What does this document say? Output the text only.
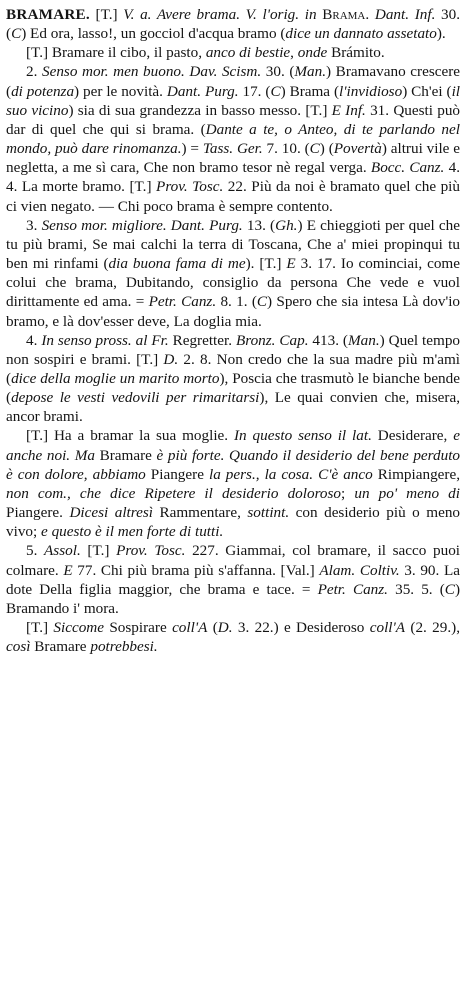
BRAMARE. [T.] V. a. Avere brama. V. l'orig. in Brama. Dant. Inf. 30. (C) Ed ora, lasso!, un gocciol d'acqua bramo (dice un dannato assetato).

[T.] Bramare il cibo, il pasto, anco di bestie, onde Brámito.

2. Senso mor. men buono. Dav. Scism. 30. (Man.) Bramavano crescere (di potenza) per le novità. Dant. Purg. 17. (C) Brama (l'invidioso) Ch'ei (il suo vicino) sia di sua grandezza in basso messo. [T.] E Inf. 31. Questi può dar di quel che qui si brama. (Dante a te, o Anteo, di te parlando nel mondo, può dare rinomanza.) = Tass. Ger. 7. 10. (C) (Povertà) altrui vile e negletta, a me sì cara, Che non bramo tesor nè regal verga. Bocc. Canz. 4. 4. La morte bramo. [T.] Prov. Tosc. 22. Più da noi è bramato quel che più ci vien negato. — Chi poco brama è sempre contento.

3. Senso mor. migliore. Dant. Purg. 13. (Gh.) E chieggioti per quel che tu più brami, Se mai calchi la terra di Toscana, Che a' miei propinqui tu ben mi rinfami (dia buona fama di me). [T.] E 3. 17. Io cominciai, come colui che brama, Dubitando, consiglio da persona Che vede e vuol dirittamente ed ama. = Petr. Canz. 8. 1. (C) Spero che sia intesa Là dov'io bramo, e là dov'esser deve, La doglia mia.

4. In senso pross. al Fr. Regretter. Bronz. Cap. 413. (Man.) Quel tempo non sospiri e brami. [T.] D. 2. 8. Non credo che la sua madre più m'amì (dice della moglie un marito morto), Poscia che trasmutò le bianche bende (depose le vesti vedovili per rimaritarsi), Le quai convien che, misera, ancor brami.

[T.] Ha a bramar la sua moglie. In questo senso il lat. Desiderare, e anche noi. Ma Bramare è più forte. Quando il desiderio del bene perduto è con dolore, abbiamo Piangere la pers., la cosa. C'è anco Rimpiangere, non com., che dice Ripetere il desiderio doloroso; un po' meno di Piangere. Dicesi altresì Rammentare, sottint. con desiderio più o meno vivo; e questo è il men forte di tutti.

5. Assol. [T.] Prov. Tosc. 227. Giammai, col bramare, il sacco puoi colmare. E 77. Chi più brama più s'affanna. [Val.] Alam. Coltiv. 3. 90. La dote Della figlia maggior, che brama e tace. = Petr. Canz. 35. 5. (C) Bramando i' mora.

[T.] Siccome Sospirare coll'A (D. 3. 22.) e Desideroso coll'A (2. 29.), così Bramare potrebbesi.
